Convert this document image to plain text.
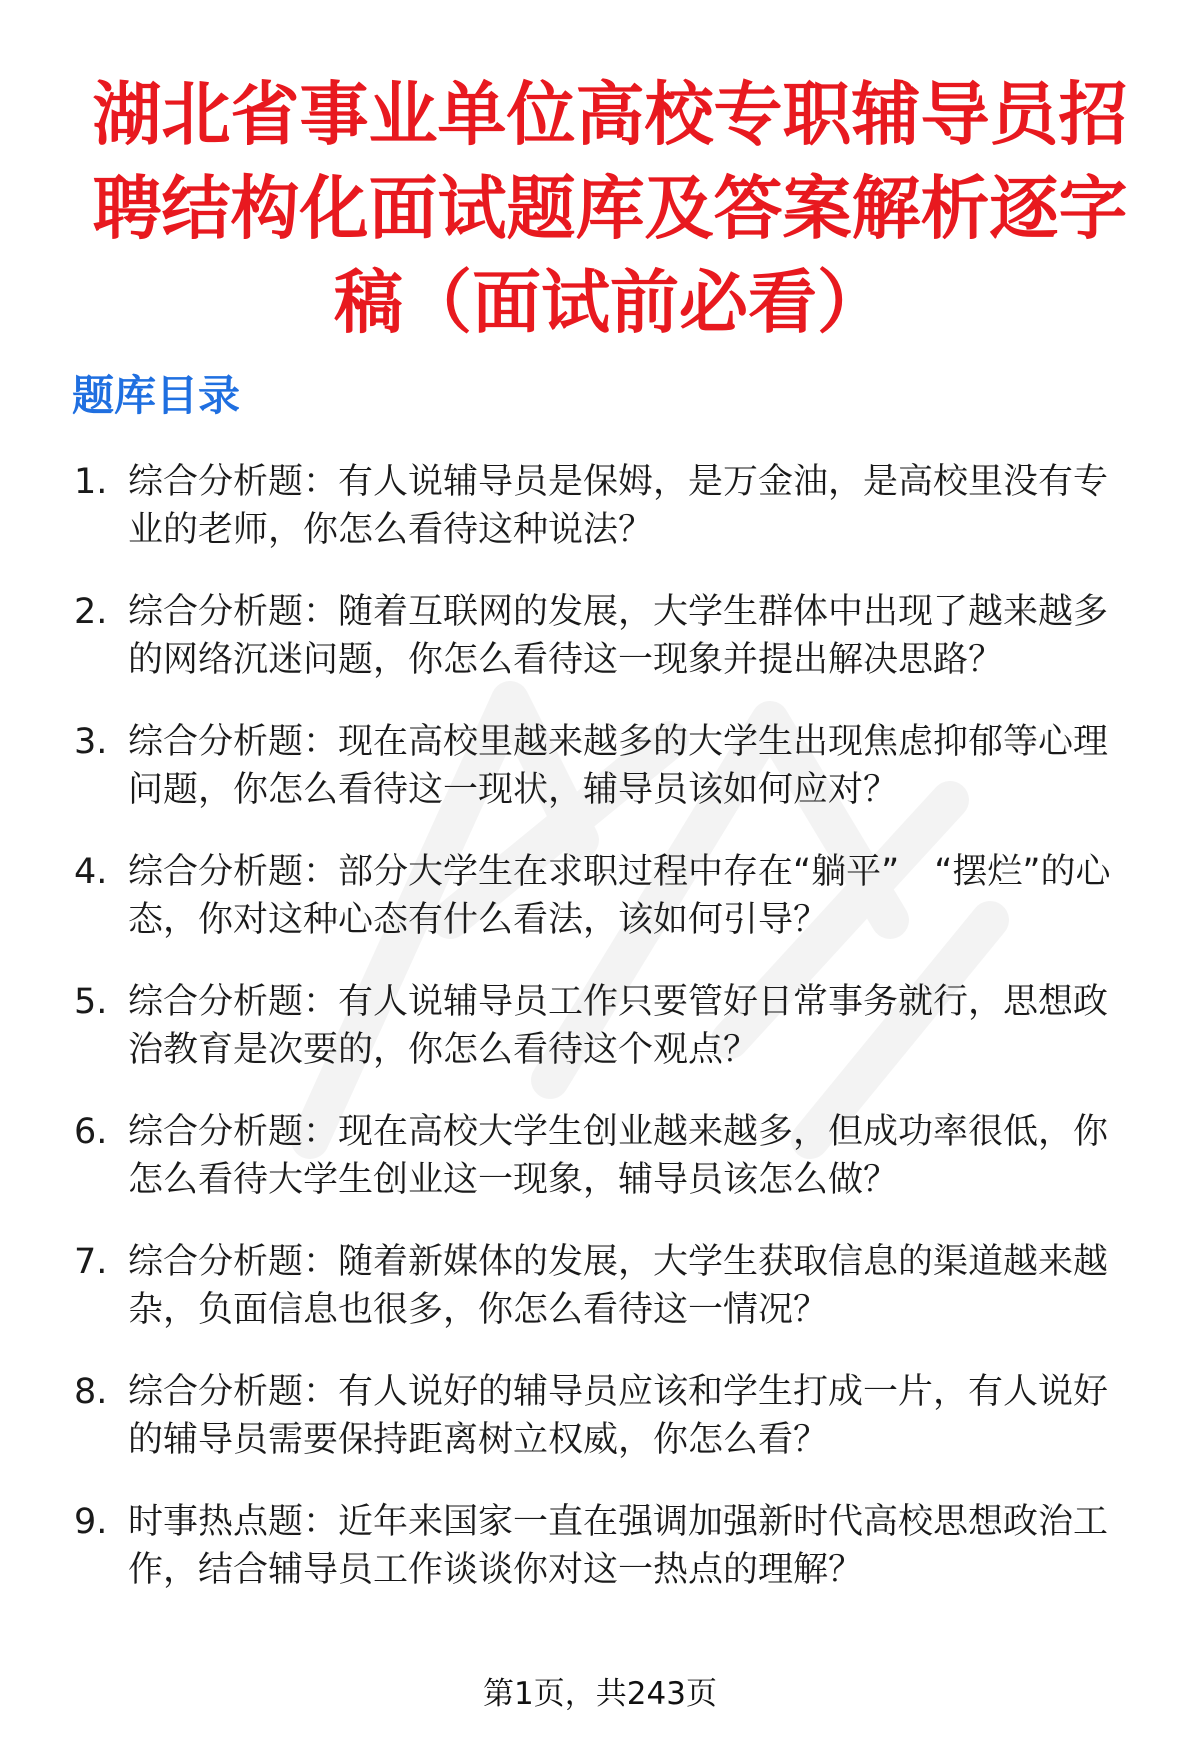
湖北省事业单位高校专职辅导员招聘结构化面试题库及答案解析逐字稿（面试前必看）
题库目录
1. 综合分析题：有人说辅导员是保姆，是万金油，是高校里没有专业的老师，你怎么看待这种说法？
2. 综合分析题：随着互联网的发展，大学生群体中出现了越来越多的网络沉迷问题，你怎么看待这一现象并提出解决思路？
3. 综合分析题：现在高校里越来越多的大学生出现焦虑抑郁等心理问题，你怎么看待这一现状，辅导员该如何应对？
4. 综合分析题：部分大学生在求职过程中存在“躺平”　“摆烂”的心态，你对这种心态有什么看法，该如何引导？
5. 综合分析题：有人说辅导员工作只要管好日常事务就行，思想政治教育是次要的，你怎么看待这个观点？
6. 综合分析题：现在高校大学生创业越来越多，但成功率很低，你怎么看待大学生创业这一现象，辅导员该怎么做？
7. 综合分析题：随着新媒体的发展，大学生获取信息的渠道越来越杂，负面信息也很多，你怎么看待这一情况？
8. 综合分析题：有人说好的辅导员应该和学生打成一片，有人说好的辅导员需要保持距离树立权威，你怎么看？
9. 时事热点题：近年来国家一直在强调加强新时代高校思想政治工作，结合辅导员工作谈谈你对这一热点的理解？
第1页，共243页
